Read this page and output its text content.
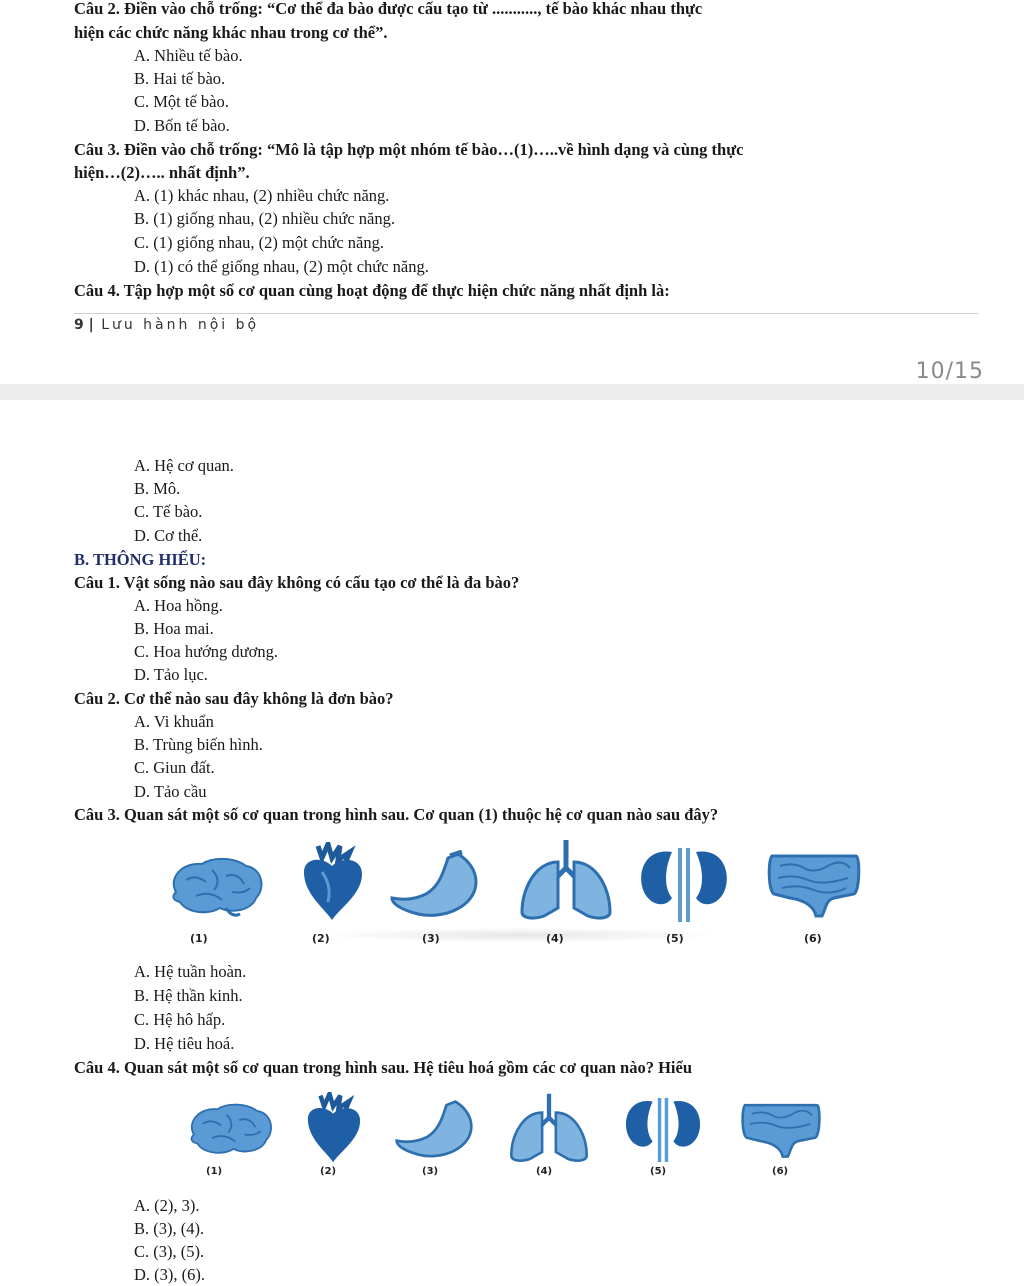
Câu 2. Điền vào chỗ trống: “Cơ thể đa bào được cấu tạo từ ..........., tế bào khác nhau thực
hiện các chức năng khác nhau trong cơ thể”.
A. Nhiều tế bào.
B. Hai tế bào.
C. Một tế bào.
D. Bốn tế bào.
Câu 3. Điền vào chỗ trống: “Mô là tập hợp một nhóm tế bào…(1)…..về hình dạng và cùng thực
hiện…(2)….. nhất định”.
A. (1) khác nhau, (2) nhiều chức năng.
B. (1) giống nhau, (2) nhiều chức năng.
C. (1) giống nhau, (2) một chức năng.
D. (1) có thể giống nhau, (2) một chức năng.
Câu 4. Tập hợp một số cơ quan cùng hoạt động để thực hiện chức năng nhất định là:
9 | Lưu hành nội bộ
10/15
A. Hệ cơ quan.
B. Mô.
C. Tế bào.
D. Cơ thể.
B. THÔNG HIỂU:
Câu 1. Vật sống nào sau đây không có cấu tạo cơ thể là đa bào?
A. Hoa hồng.
B. Hoa mai.
C. Hoa hướng dương.
D. Tảo lục.
Câu 2. Cơ thể nào sau đây không là đơn bào?
A. Vi khuẩn
B. Trùng biến hình.
C. Giun đất.
D. Tảo cầu
Câu 3. Quan sát một số cơ quan trong hình sau. Cơ quan (1) thuộc hệ cơ quan nào sau đây?
(1)	(2)	(3)	(4)	(5)	(6)
A. Hệ tuần hoàn.
B. Hệ thần kinh.
C. Hệ hô hấp.
D. Hệ tiêu hoá.
Câu 4. Quan sát một số cơ quan trong hình sau. Hệ tiêu hoá gồm các cơ quan nào? Hiểu
(1)	(2)	(3)	(4)	(5)	(6)
A. (2), 3).
B. (3), (4).
C. (3), (5).
D. (3), (6).
